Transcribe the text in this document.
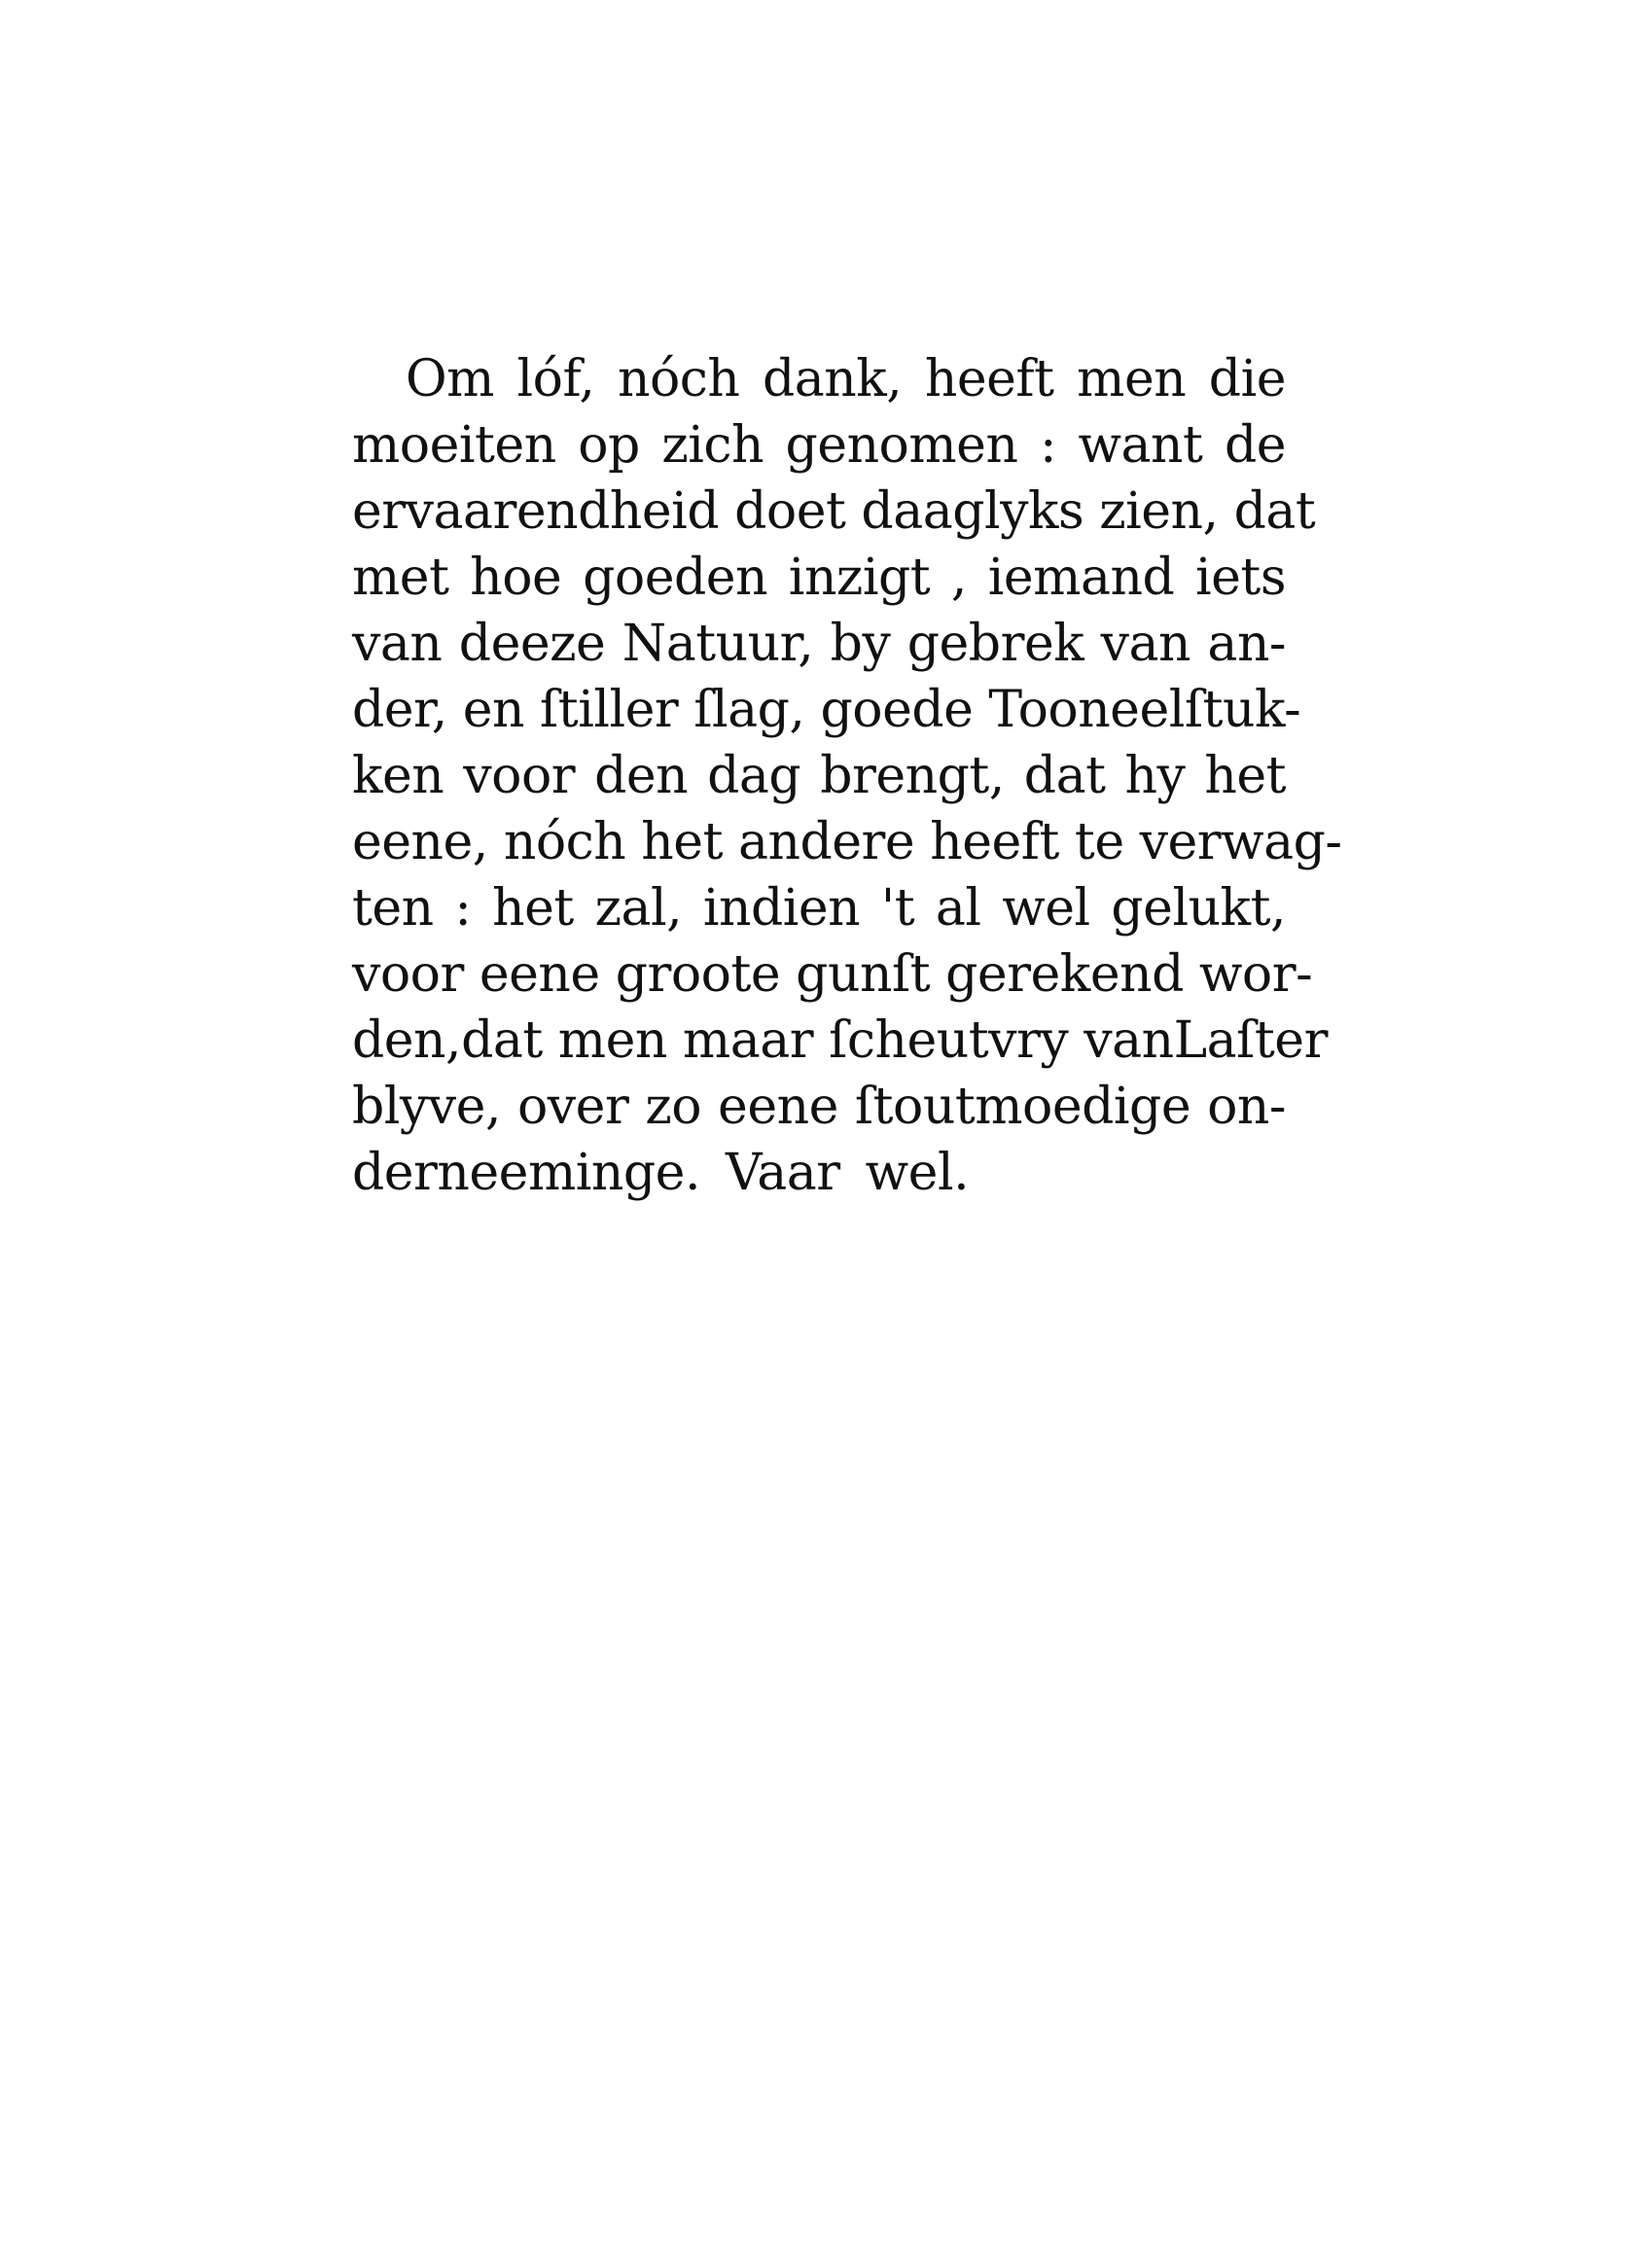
Om lóf, nóch dank, heeft men die
moeiten op zich genomen : want de
ervaarendheid doet daaglyks zien, dat
met hoe goeden inzigt , iemand iets
van deeze Natuur, by gebrek van an-
der, en ſtiller ſlag, goede Tooneelſtuk-
ken voor den dag brengt, dat hy het
eene, nóch het andere heeft te verwag-
ten : het zal, indien 't al wel gelukt,
voor eene groote gunſt gerekend wor-
den,dat men maar ſcheutvry vanLaſter
blyve, over zo eene ſtoutmoedige on-
derneeminge. Vaar wel.
